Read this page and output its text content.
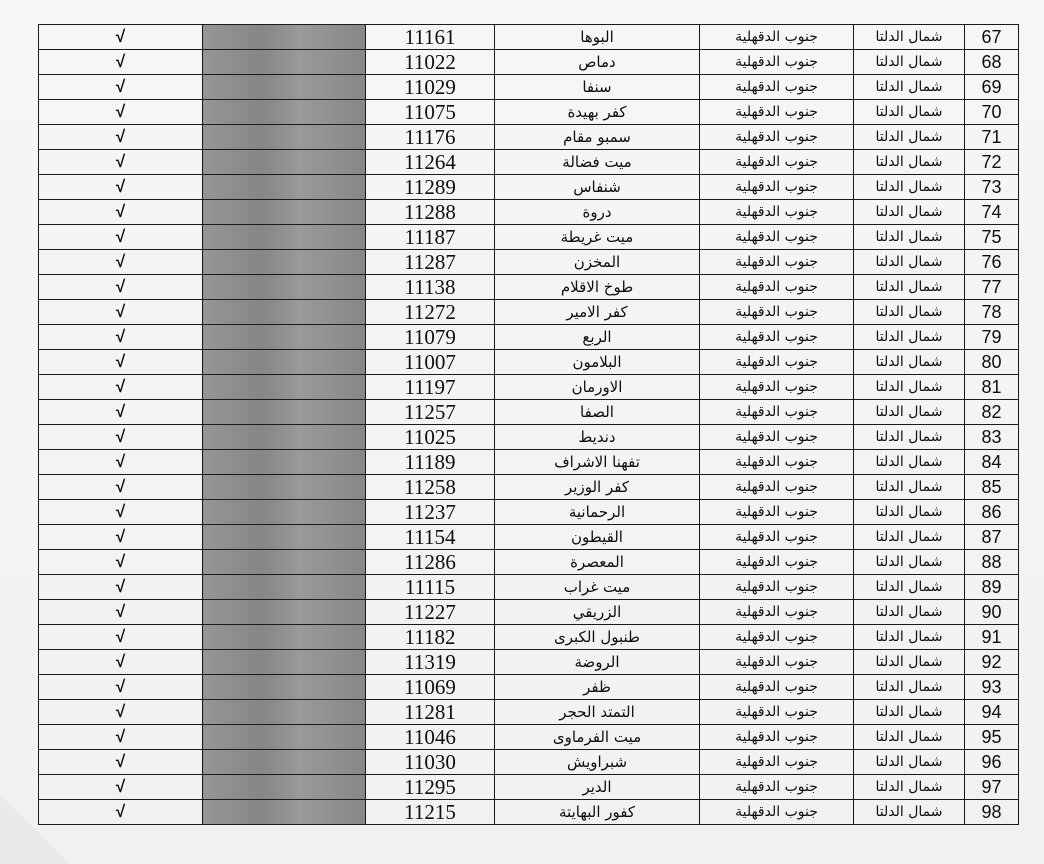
√		11161	البوها	جنوب الدقهلية	شمال الدلتا	67
√		11022	دماص	جنوب الدقهلية	شمال الدلتا	68
√		11029	سنفا	جنوب الدقهلية	شمال الدلتا	69
√		11075	كفر بهيدة	جنوب الدقهلية	شمال الدلتا	70
√		11176	سمبو مقام	جنوب الدقهلية	شمال الدلتا	71
√		11264	ميت فضالة	جنوب الدقهلية	شمال الدلتا	72
√		11289	شنفاس	جنوب الدقهلية	شمال الدلتا	73
√		11288	دروة	جنوب الدقهلية	شمال الدلتا	74
√		11187	ميت غريطة	جنوب الدقهلية	شمال الدلتا	75
√		11287	المخزن	جنوب الدقهلية	شمال الدلتا	76
√		11138	طوخ الاقلام	جنوب الدقهلية	شمال الدلتا	77
√		11272	كفر الامير	جنوب الدقهلية	شمال الدلتا	78
√		11079	الربع	جنوب الدقهلية	شمال الدلتا	79
√		11007	البلامون	جنوب الدقهلية	شمال الدلتا	80
√		11197	الاورمان	جنوب الدقهلية	شمال الدلتا	81
√		11257	الصفا	جنوب الدقهلية	شمال الدلتا	82
√		11025	دنديط	جنوب الدقهلية	شمال الدلتا	83
√		11189	تفهنا الاشراف	جنوب الدقهلية	شمال الدلتا	84
√		11258	كفر الوزير	جنوب الدقهلية	شمال الدلتا	85
√		11237	الرحمانية	جنوب الدقهلية	شمال الدلتا	86
√		11154	القيطون	جنوب الدقهلية	شمال الدلتا	87
√		11286	المعصرة	جنوب الدقهلية	شمال الدلتا	88
√		11115	ميت غراب	جنوب الدقهلية	شمال الدلتا	89
√		11227	الزريقي	جنوب الدقهلية	شمال الدلتا	90
√		11182	طنبول الكبرى	جنوب الدقهلية	شمال الدلتا	91
√		11319	الروضة	جنوب الدقهلية	شمال الدلتا	92
√		11069	ظفر	جنوب الدقهلية	شمال الدلتا	93
√		11281	التمتد الحجر	جنوب الدقهلية	شمال الدلتا	94
√		11046	ميت الفرماوى	جنوب الدقهلية	شمال الدلتا	95
√		11030	شبراويش	جنوب الدقهلية	شمال الدلتا	96
√		11295	الدير	جنوب الدقهلية	شمال الدلتا	97
√		11215	كفور البهايتة	جنوب الدقهلية	شمال الدلتا	98
